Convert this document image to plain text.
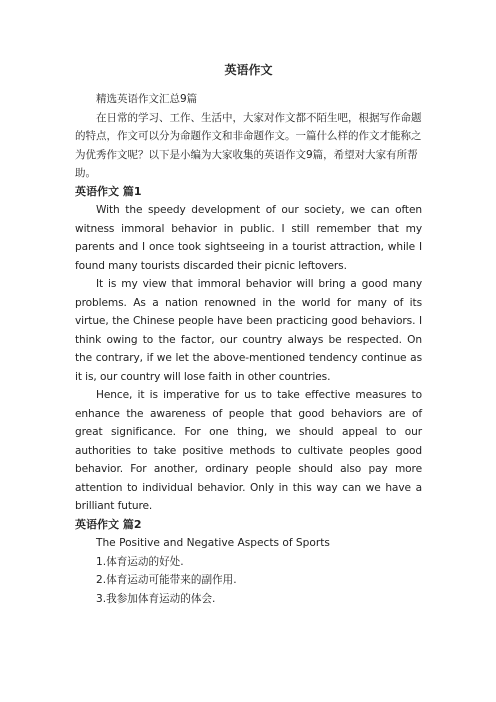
英语作文

精选英语作文汇总9篇

在日常的学习、工作、生活中，大家对作文都不陌生吧，根据写作命题的特点，作文可以分为命题作文和非命题作文。一篇什么样的作文才能称之为优秀作文呢？以下是小编为大家收集的英语作文9篇，希望对大家有所帮助。

英语作文 篇1

With the speedy development of our society, we can often witness immoral behavior in public. I still remember that my parents and I once took sightseeing in a tourist attraction, while I found many tourists discarded their picnic leftovers.

It is my view that immoral behavior will bring a good many problems. As a nation renowned in the world for many of its virtue, the Chinese people have been practicing good behaviors. I think owing to the factor, our country always be respected. On the contrary, if we let the above-mentioned tendency continue as it is, our country will lose faith in other countries.

Hence, it is imperative for us to take effective measures to enhance the awareness of people that good behaviors are of great significance. For one thing, we should appeal to our authorities to take positive methods to cultivate peoples good behavior. For another, ordinary people should also pay more attention to individual behavior. Only in this way can we have a brilliant future.

英语作文 篇2

The Positive and Negative Aspects of Sports

1.体育运动的好处.

2.体育运动可能带来的副作用.

3.我参加体育运动的体会.
